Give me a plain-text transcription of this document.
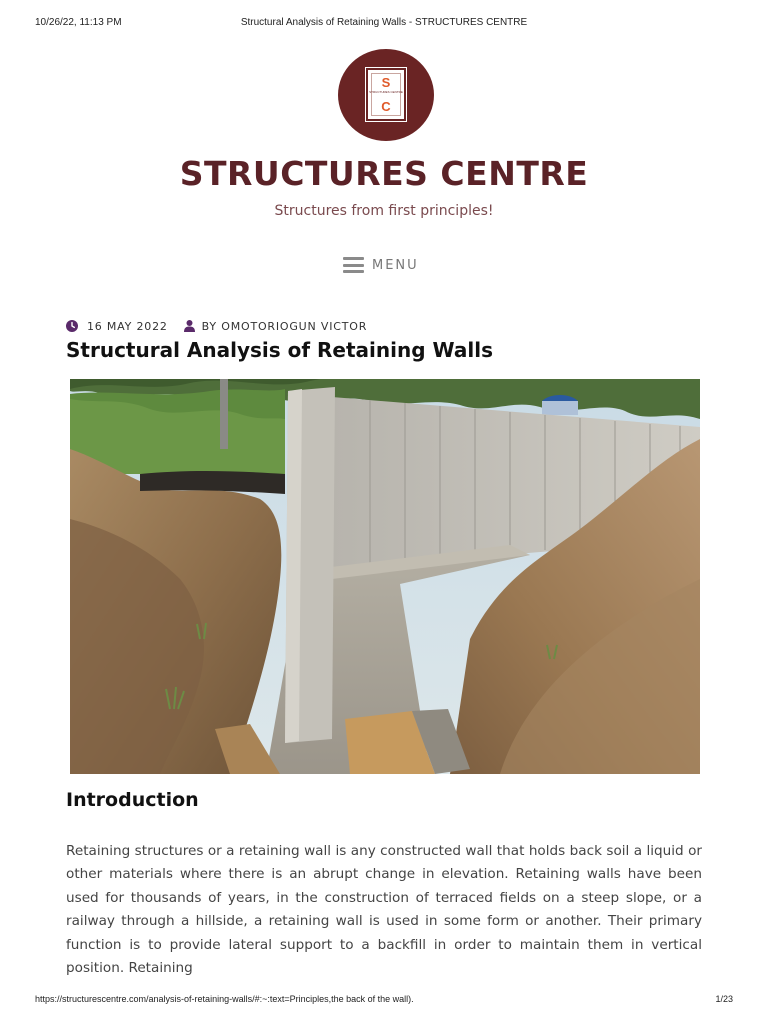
10/26/22, 11:13 PM	Structural Analysis of Retaining Walls - STRUCTURES CENTRE
S
STRUCTURES CENTRE
C
STRUCTURES CENTRE
Structures from first principles!
MENU
16 MAY 2022	BY OMOTORIOGUN VICTOR
Structural Analysis of Retaining Walls
Introduction

Retaining structures or a retaining wall is any constructed wall that holds back soil a liquid or other materials where there is an abrupt change in elevation. Retaining walls have been used for thousands of years, in the construction of terraced fields on a steep slope, or a railway through a hillside, a retaining wall is used in some form or another. Their primary function is to provide lateral support to a backfill in order to maintain them in vertical position. Retaining

https://structurescentre.com/analysis-of-retaining-walls/#:~:text=Principles,the back of the wall).	1/23
